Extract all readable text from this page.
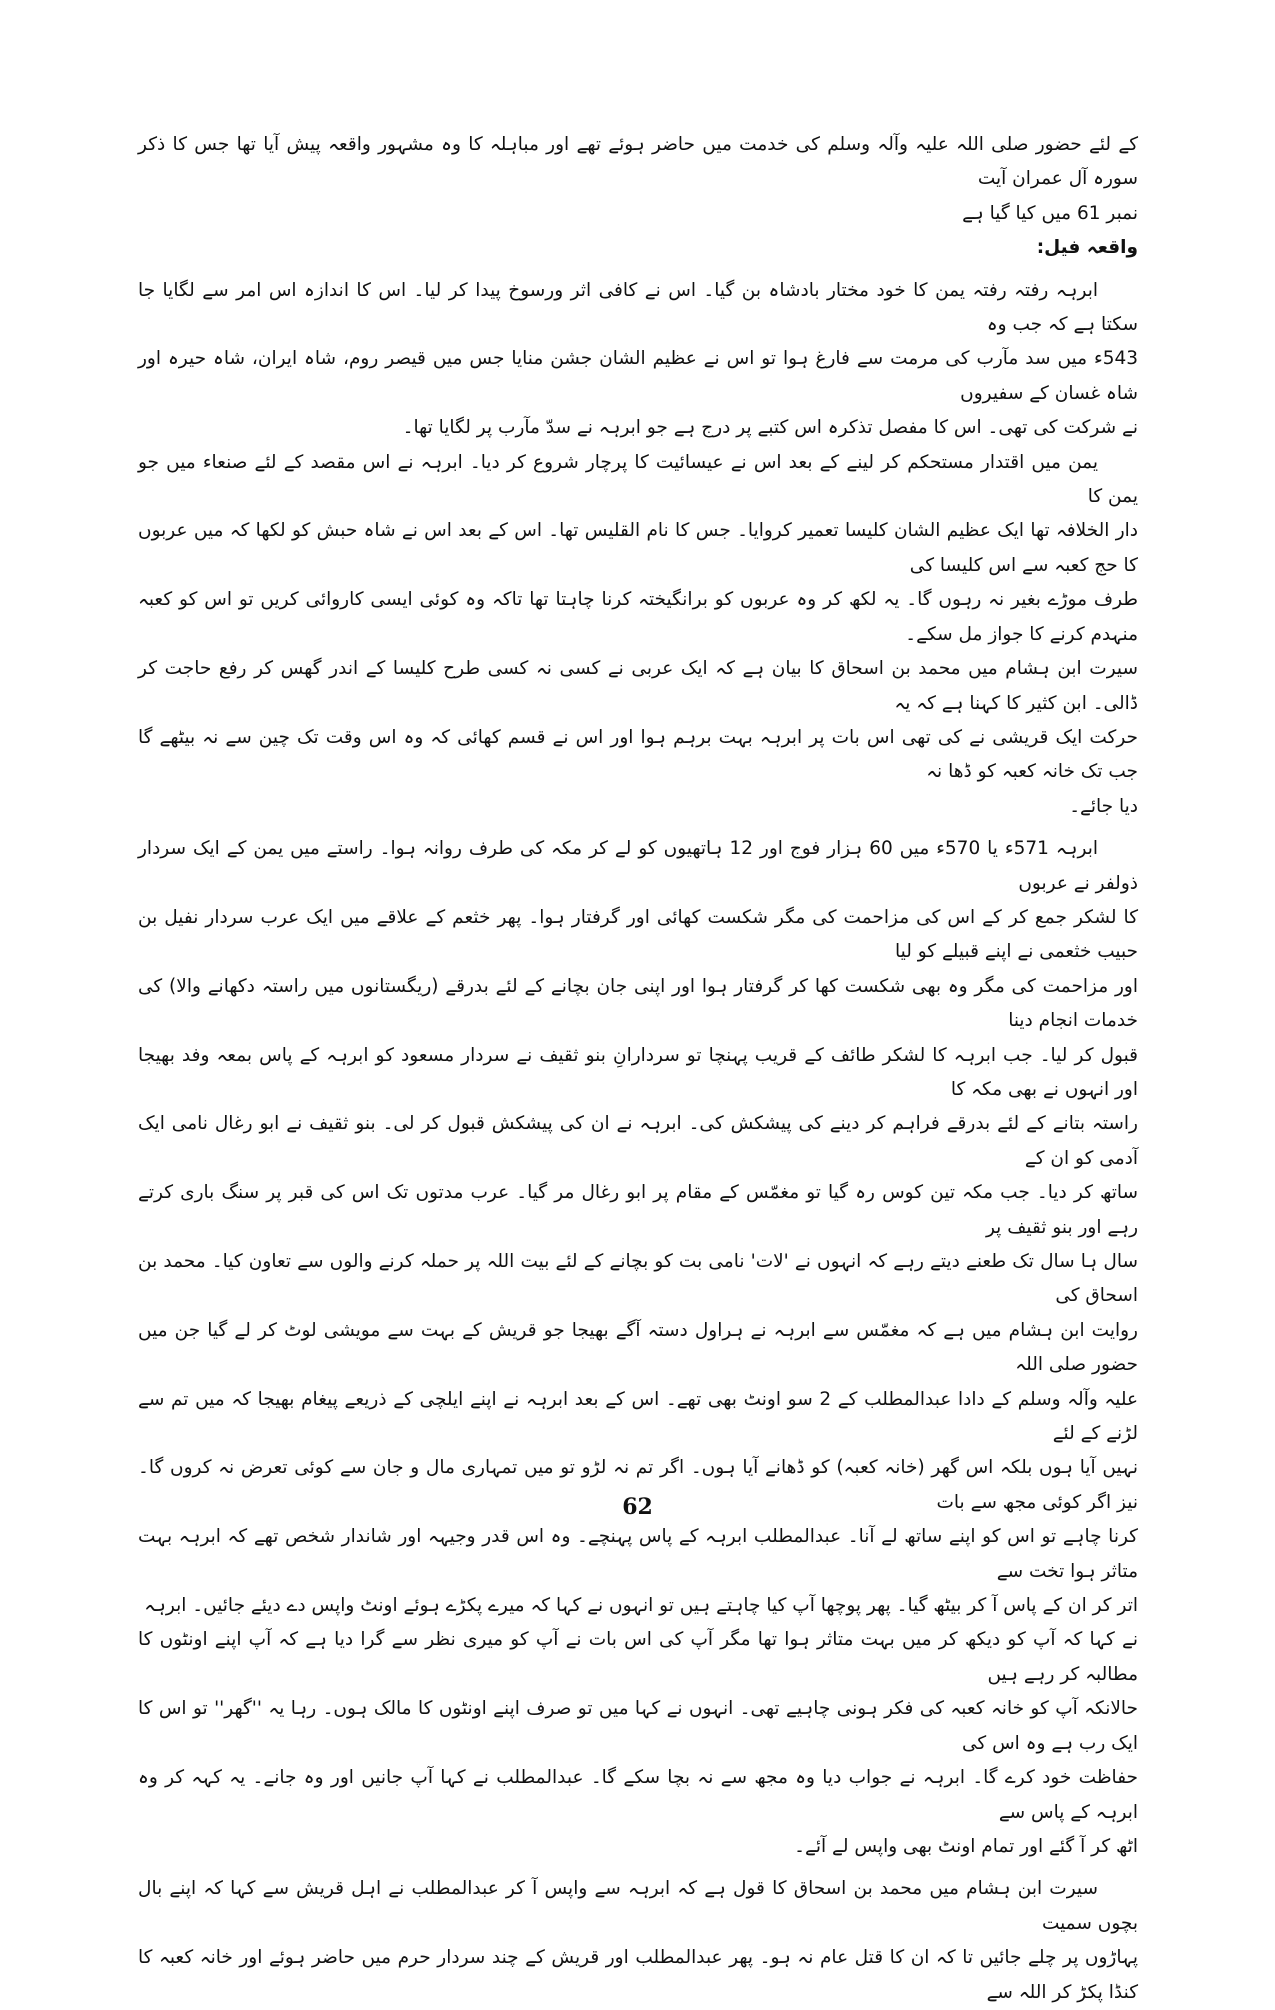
کے لئے حضور صلی اللہ علیہ وآلہ وسلم کی خدمت میں حاضر ہوئے تھے اور مباہلہ کا وہ مشہور واقعہ پیش آیا تھا جس کا ذکر سورہ آل عمران آیت

نمبر 61 میں کیا گیا ہے

واقعہ فیل:

ابرہہ رفتہ رفتہ یمن کا خود مختار بادشاہ بن گیا۔ اس نے کافی اثر ورسوخ پیدا کر لیا۔ اس کا اندازہ اس امر سے لگایا جا سکتا ہے کہ جب وہ

543ء میں سد مآرب کی مرمت سے فارغ ہوا تو اس نے عظیم الشان جشن منایا جس میں قیصر روم، شاہ ایران، شاہ حیرہ اور شاہ غسان کے سفیروں

نے شرکت کی تھی۔ اس کا مفصل تذکرہ اس کتبے پر درج ہے جو ابرہہ نے سدّ مآرب پر لگایا تھا۔

یمن میں اقتدار مستحکم کر لینے کے بعد اس نے عیسائیت کا پرچار شروع کر دیا۔ ابرہہ نے اس مقصد کے لئے صنعاء میں جو یمن کا

دار الخلافہ تھا ایک عظیم الشان کلیسا تعمیر کروایا۔ جس کا نام القلیس تھا۔ اس کے بعد اس نے شاہ حبش کو لکھا کہ میں عربوں کا حج کعبہ سے اس کلیسا کی

طرف موڑے بغیر نہ رہوں گا۔ یہ لکھ کر وہ عربوں کو برانگیختہ کرنا چاہتا تھا تاکہ وہ کوئی ایسی کاروائی کریں تو اس کو کعبہ منہدم کرنے کا جواز مل سکے۔

سیرت ابن ہشام میں محمد بن اسحاق کا بیان ہے کہ ایک عربی نے کسی نہ کسی طرح کلیسا کے اندر گھس کر رفع حاجت کر ڈالی۔ ابن کثیر کا کہنا ہے کہ یہ

حرکت ایک قریشی نے کی تھی اس بات پر ابرہہ بہت برہم ہوا اور اس نے قسم کھائی کہ وہ اس وقت تک چین سے نہ بیٹھے گا جب تک خانہ کعبہ کو ڈھا نہ

دیا جائے۔

ابرہہ 571ء یا 570ء میں 60 ہزار فوج اور 12 ہاتھیوں کو لے کر مکہ کی طرف روانہ ہوا۔ راستے میں یمن کے ایک سردار ذولفر نے عربوں

کا لشکر جمع کر کے اس کی مزاحمت کی مگر شکست کھائی اور گرفتار ہوا۔ پھر خثعم کے علاقے میں ایک عرب سردار نفیل بن حبیب خثعمی نے اپنے قبیلے کو لیا

اور مزاحمت کی مگر وہ بھی شکست کھا کر گرفتار ہوا اور اپنی جان بچانے کے لئے بدرقے (ریگستانوں میں راستہ دکھانے والا) کی خدمات انجام دینا

قبول کر لیا۔ جب ابرہہ کا لشکر طائف کے قریب پہنچا تو سردارانِ بنو ثقیف نے سردار مسعود کو ابرہہ کے پاس بمعہ وفد بھیجا اور انہوں نے بھی مکہ کا

راستہ بتانے کے لئے بدرقے فراہم کر دینے کی پیشکش کی۔ ابرہہ نے ان کی پیشکش قبول کر لی۔ بنو ثقیف نے ابو رغال نامی ایک آدمی کو ان کے

ساتھ کر دیا۔ جب مکہ تین کوس رہ گیا تو مغمّس کے مقام پر ابو رغال مر گیا۔ عرب مدتوں تک اس کی قبر پر سنگ باری کرتے رہے اور بنو ثقیف پر

سال ہا سال تک طعنے دیتے رہے کہ انہوں نے 'لات' نامی بت کو بچانے کے لئے بیت اللہ پر حملہ کرنے والوں سے تعاون کیا۔ محمد بن اسحاق کی

روایت ابن ہشام میں ہے کہ مغمّس سے ابرہہ نے ہراول دستہ آگے بھیجا جو قریش کے بہت سے مویشی لوٹ کر لے گیا جن میں حضور صلی اللہ

علیہ وآلہ وسلم کے دادا عبدالمطلب کے 2 سو اونٹ بھی تھے۔ اس کے بعد ابرہہ نے اپنے ایلچی کے ذریعے پیغام بھیجا کہ میں تم سے لڑنے کے لئے

نہیں آیا ہوں بلکہ اس گھر (خانہ کعبہ) کو ڈھانے آیا ہوں۔ اگر تم نہ لڑو تو میں تمہاری مال و جان سے کوئی تعرض نہ کروں گا۔ نیز اگر کوئی مجھ سے بات

کرنا چاہے تو اس کو اپنے ساتھ لے آنا۔ عبدالمطلب ابرہہ کے پاس پہنچے۔ وہ اس قدر وجیہہ اور شاندار شخص تھے کہ ابرہہ بہت متاثر ہوا تخت سے

اتر کر ان کے پاس آ کر بیٹھ گیا۔ پھر پوچھا آپ کیا چاہتے ہیں تو انہوں نے کہا کہ میرے پکڑے ہوئے اونٹ واپس دے دیئے جائیں۔ ابرہہ

نے کہا کہ آپ کو دیکھ کر میں بہت متاثر ہوا تھا مگر آپ کی اس بات نے آپ کو میری نظر سے گرا دیا ہے کہ آپ اپنے اونٹوں کا مطالبہ کر رہے ہیں

حالانکہ آپ کو خانہ کعبہ کی فکر ہونی چاہیے تھی۔ انہوں نے کہا میں تو صرف اپنے اونٹوں کا مالک ہوں۔ رہا یہ ''گھر'' تو اس کا ایک رب ہے وہ اس کی

حفاظت خود کرے گا۔ ابرہہ نے جواب دیا وہ مجھ سے نہ بچا سکے گا۔ عبدالمطلب نے کہا آپ جانیں اور وہ جانے۔ یہ کہہ کر وہ ابرہہ کے پاس سے

اٹھ کر آ گئے اور تمام اونٹ بھی واپس لے آئے۔

سیرت ابن ہشام میں محمد بن اسحاق کا قول ہے کہ ابرہہ سے واپس آ کر عبدالمطلب نے اہل قریش سے کہا کہ اپنے بال بچوں سمیت

پہاڑوں پر چلے جائیں تا کہ ان کا قتل عام نہ ہو۔ پھر عبدالمطلب اور قریش کے چند سردار حرم میں حاضر ہوئے اور خانہ کعبہ کا کنڈا پکڑ کر اللہ سے

62
